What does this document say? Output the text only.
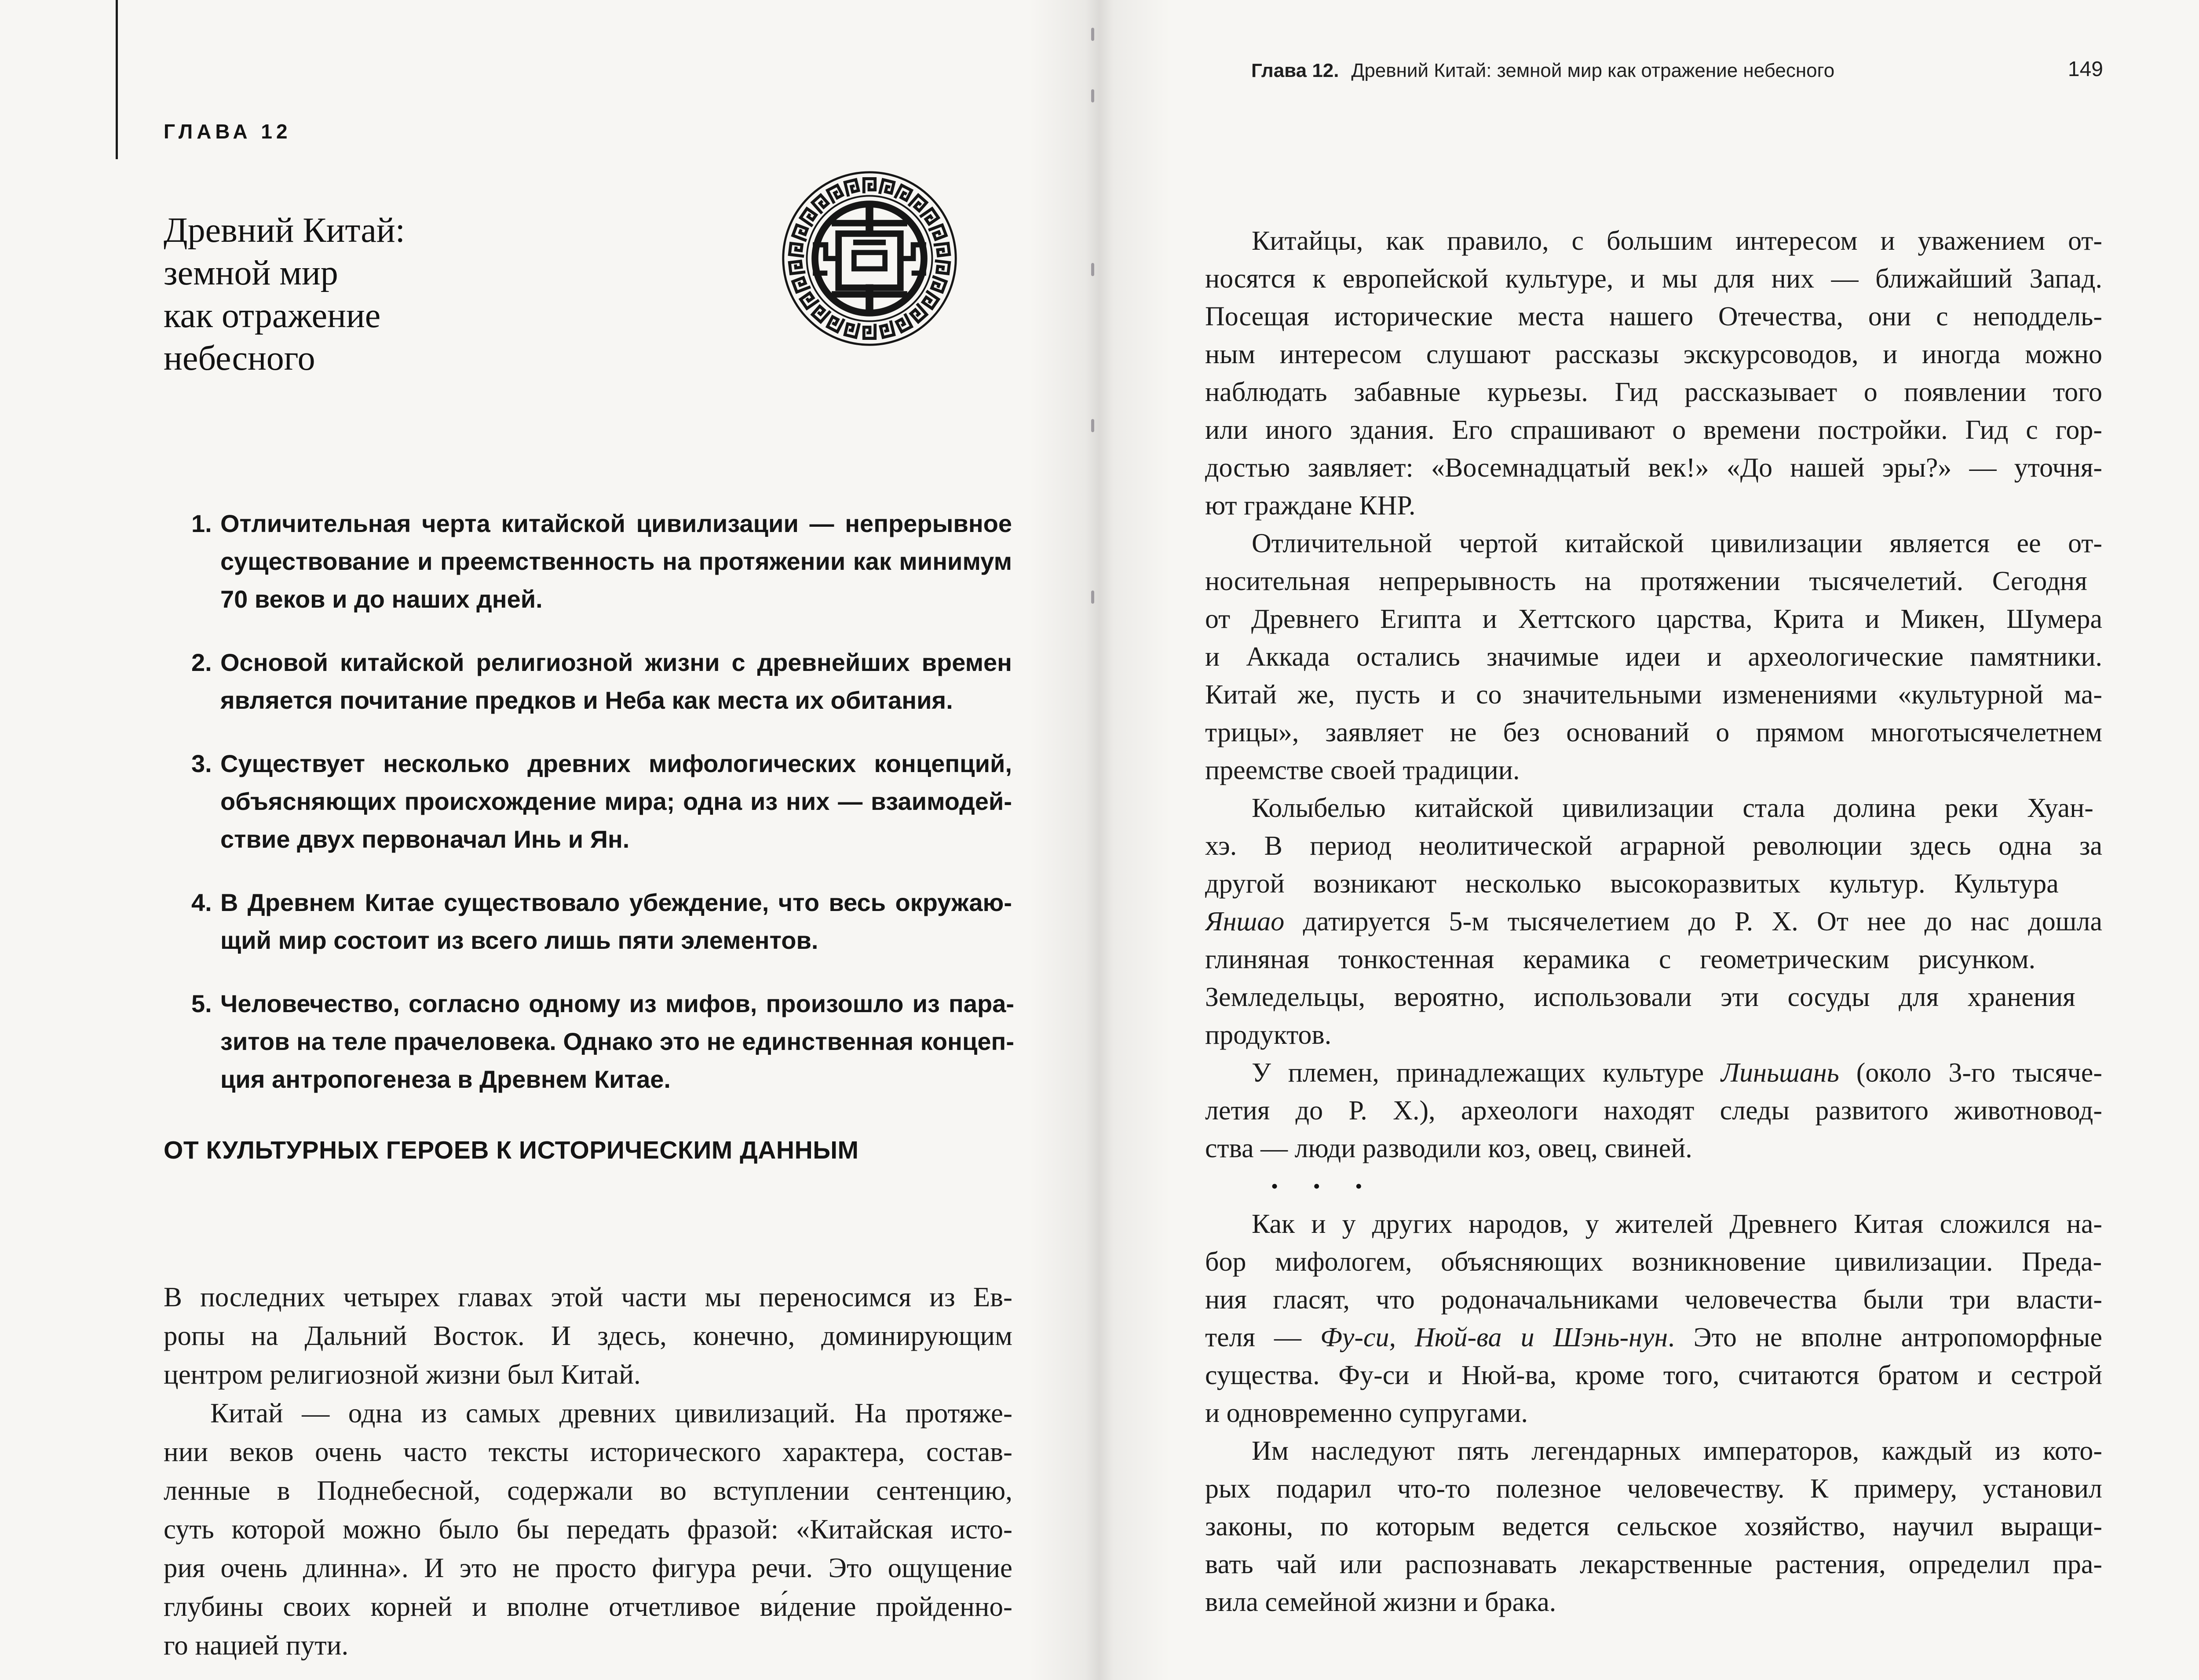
ГЛАВА 12
Древний Китай:
земной мир
как отражение
небесного
1. Отличительная черта китайской цивилизации — непрерывное
существование и преемственность на протяжении как минимум
70 веков и до наших дней.
2. Основой китайской религиозной жизни с древнейших времен
является почитание предков и Неба как места их обитания.
3. Существует несколько древних мифологических концепций,
объясняющих происхождение мира; одна из них — взаимодей-
ствие двух первоначал Инь и Ян.
4. В Древнем Китае существовало убеждение, что весь окружаю-
щий мир состоит из всего лишь пяти элементов.
5. Человечество, согласно одному из мифов, произошло из пара-
зитов на теле прачеловека. Однако это не единственная концеп-
ция антропогенеза в Древнем Китае.
ОТ КУЛЬТУРНЫХ ГЕРОЕВ К ИСТОРИЧЕСКИМ ДАННЫМ
В последних четырех главах этой части мы переносимся из Ев-
ропы на Дальний Восток. И здесь, конечно, доминирующим
центром религиозной жизни был Китай.
Китай — одна из самых древних цивилизаций. На протяже-
нии веков очень часто тексты исторического характера, состав-
ленные в Поднебесной, содержали во вступлении сентенцию,
суть которой можно было бы передать фразой: «Китайская исто-
рия очень длинна». И это не просто фигура речи. Это ощущение
глубины своих корней и вполне отчетливое ви́дение пройденно-
го нацией пути.
Глава 12. Древний Китай: земной мир как отражение небесного	149
Китайцы, как правило, с большим интересом и уважением от-
носятся к европейской культуре, и мы для них — ближайший Запад.
Посещая исторические места нашего Отечества, они с неподдель-
ным интересом слушают рассказы экскурсоводов, и иногда можно
наблюдать забавные курьезы. Гид рассказывает о появлении того
или иного здания. Его спрашивают о времени постройки. Гид с гор-
достью заявляет: «Восемнадцатый век!» «До нашей эры?» — уточня-
ют граждане КНР.
Отличительной чертой китайской цивилизации является ее от-
носительная непрерывность на протяжении тысячелетий. Сегодня
от Древнего Египта и Хеттского царства, Крита и Микен, Шумера
и Аккада остались значимые идеи и археологические памятники.
Китай же, пусть и со значительными изменениями «культурной ма-
трицы», заявляет не без оснований о прямом многотысячелетнем
преемстве своей традиции.
Колыбелью китайской цивилизации стала долина реки Хуан-
хэ. В период неолитической аграрной революции здесь одна за
другой возникают несколько высокоразвитых культур. Культура
Яншао датируется 5-м тысячелетием до Р. Х. От нее до нас дошла
глиняная тонкостенная керамика с геометрическим рисунком.
Земледельцы, вероятно, использовали эти сосуды для хранения
продуктов.
У племен, принадлежащих культуре Линьшань (около 3-го тысяче-
летия до Р. Х.), археологи находят следы развитого животновод-
ства — люди разводили коз, овец, свиней.
• • •
Как и у других народов, у жителей Древнего Китая сложился на-
бор мифологем, объясняющих возникновение цивилизации. Преда-
ния гласят, что родоначальниками человечества были три власти-
теля — Фу-си, Нюй-ва и Шэнь-нун. Это не вполне антропоморфные
существа. Фу-си и Нюй-ва, кроме того, считаются братом и сестрой
и одновременно супругами.
Им наследуют пять легендарных императоров, каждый из кото-
рых подарил что-то полезное человечеству. К примеру, установил
законы, по которым ведется сельское хозяйство, научил выращи-
вать чай или распознавать лекарственные растения, определил пра-
вила семейной жизни и брака.
